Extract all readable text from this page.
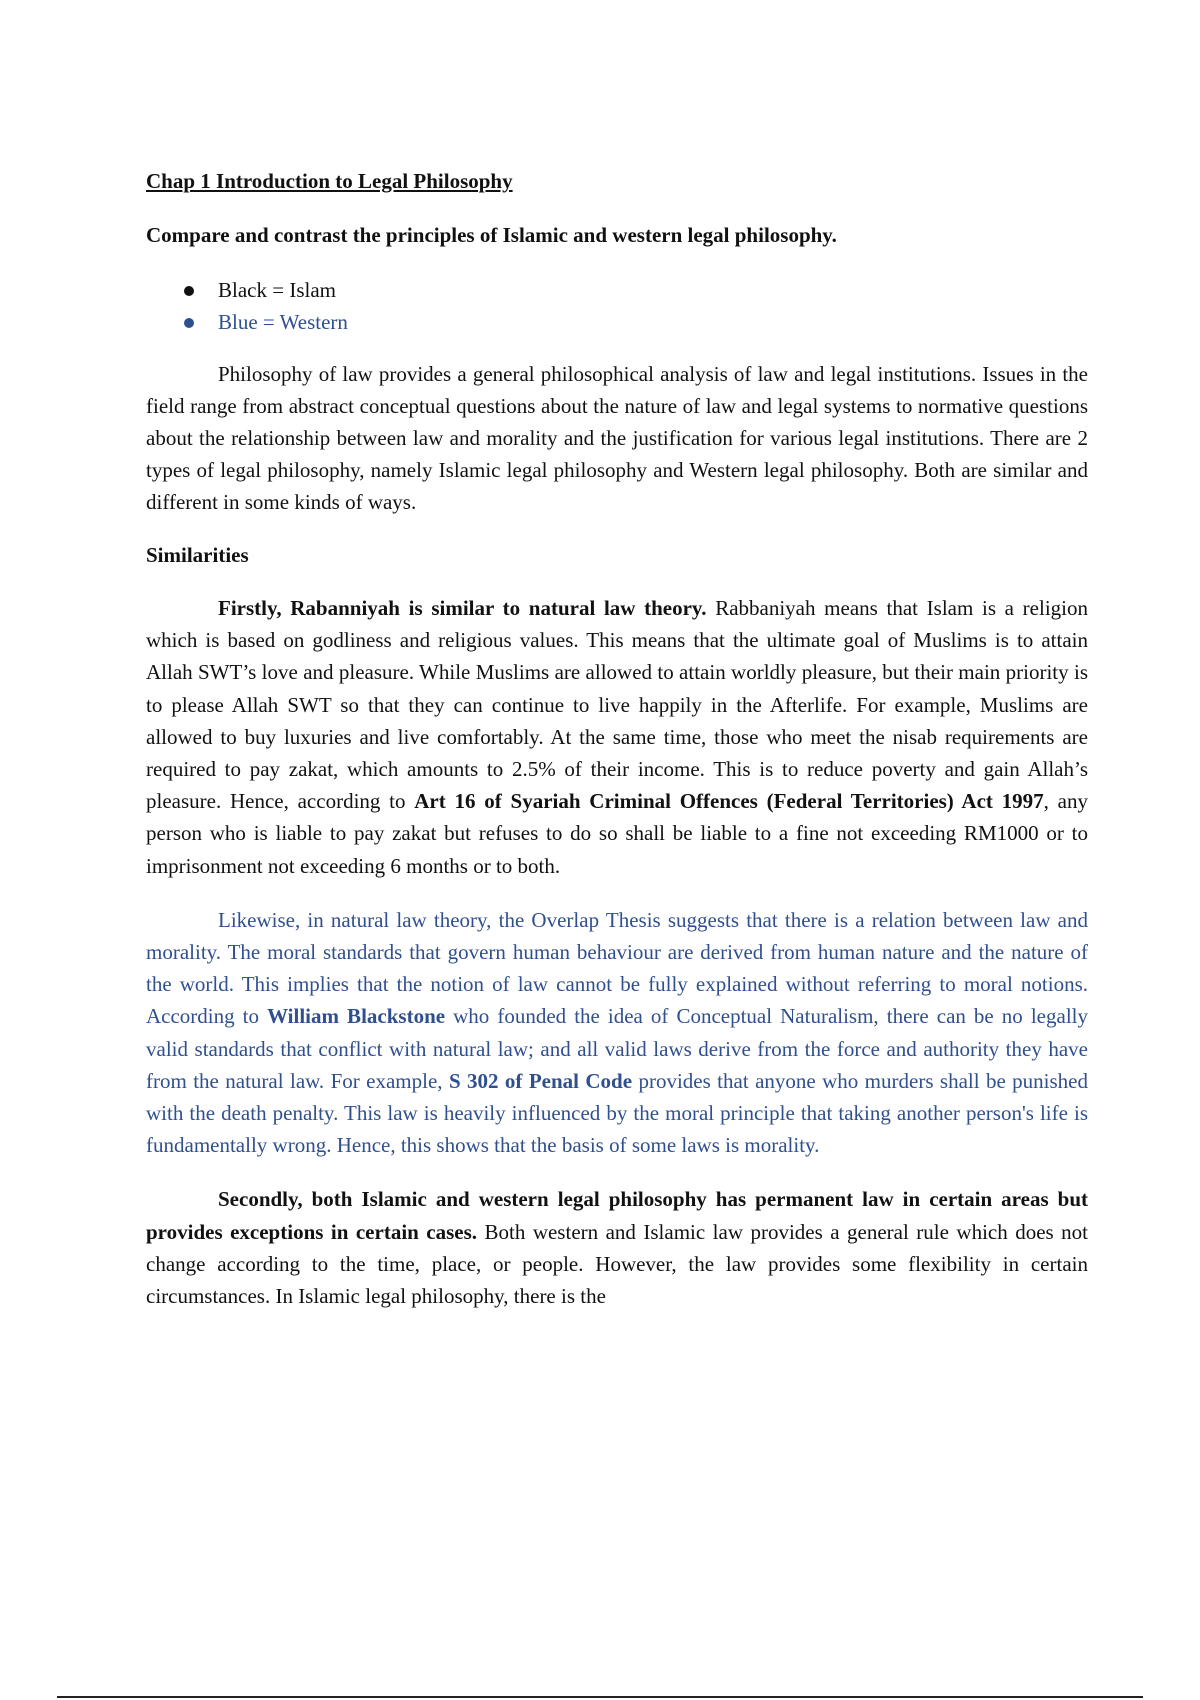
Chap 1 Introduction to Legal Philosophy

Compare and contrast the principles of Islamic and western legal philosophy.

Black = Islam
Blue = Western

Philosophy of law provides a general philosophical analysis of law and legal institutions. Issues in the field range from abstract conceptual questions about the nature of law and legal systems to normative questions about the relationship between law and morality and the justification for various legal institutions. There are 2 types of legal philosophy, namely Islamic legal philosophy and Western legal philosophy. Both are similar and different in some kinds of ways.

Similarities

Firstly, Rabanniyah is similar to natural law theory. Rabbaniyah means that Islam is a religion which is based on godliness and religious values. This means that the ultimate goal of Muslims is to attain Allah SWT’s love and pleasure. While Muslims are allowed to attain worldly pleasure, but their main priority is to please Allah SWT so that they can continue to live happily in the Afterlife. For example, Muslims are allowed to buy luxuries and live comfortably. At the same time, those who meet the nisab requirements are required to pay zakat, which amounts to 2.5% of their income. This is to reduce poverty and gain Allah’s pleasure. Hence, according to Art 16 of Syariah Criminal Offences (Federal Territories) Act 1997, any person who is liable to pay zakat but refuses to do so shall be liable to a fine not exceeding RM1000 or to imprisonment not exceeding 6 months or to both.

Likewise, in natural law theory, the Overlap Thesis suggests that there is a relation between law and morality. The moral standards that govern human behaviour are derived from human nature and the nature of the world. This implies that the notion of law cannot be fully explained without referring to moral notions. According to William Blackstone who founded the idea of Conceptual Naturalism, there can be no legally valid standards that conflict with natural law; and all valid laws derive from the force and authority they have from the natural law. For example, S 302 of Penal Code provides that anyone who murders shall be punished with the death penalty. This law is heavily influenced by the moral principle that taking another person's life is fundamentally wrong. Hence, this shows that the basis of some laws is morality.

Secondly, both Islamic and western legal philosophy has permanent law in certain areas but provides exceptions in certain cases. Both western and Islamic law provides a general rule which does not change according to the time, place, or people. However, the law provides some flexibility in certain circumstances. In Islamic legal philosophy, there is the
